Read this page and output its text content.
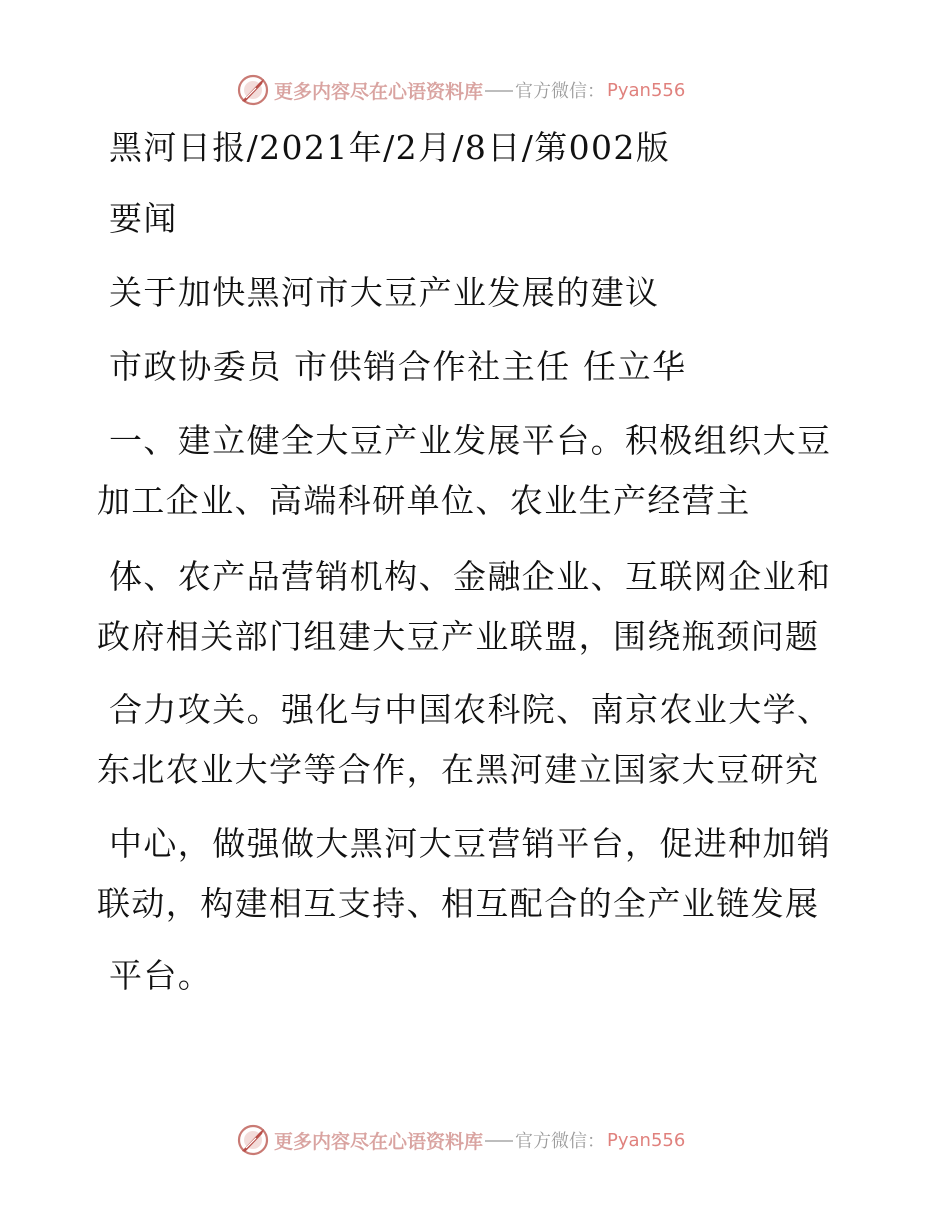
更多内容尽在心语资料库 官方微信： Pyan556
黑河日报/2021年/2月/8日/第002版
要闻
关于加快黑河市大豆产业发展的建议
市政协委员 市供销合作社主任 任立华
一、建立健全大豆产业发展平台。积极组织大豆
加工企业、高端科研单位、农业生产经营主
体、农产品营销机构、金融企业、互联网企业和
政府相关部门组建大豆产业联盟，围绕瓶颈问题
合力攻关。强化与中国农科院、南京农业大学、
东北农业大学等合作，在黑河建立国家大豆研究
中心，做强做大黑河大豆营销平台，促进种加销
联动，构建相互支持、相互配合的全产业链发展
平台。
更多内容尽在心语资料库 官方微信： Pyan556
